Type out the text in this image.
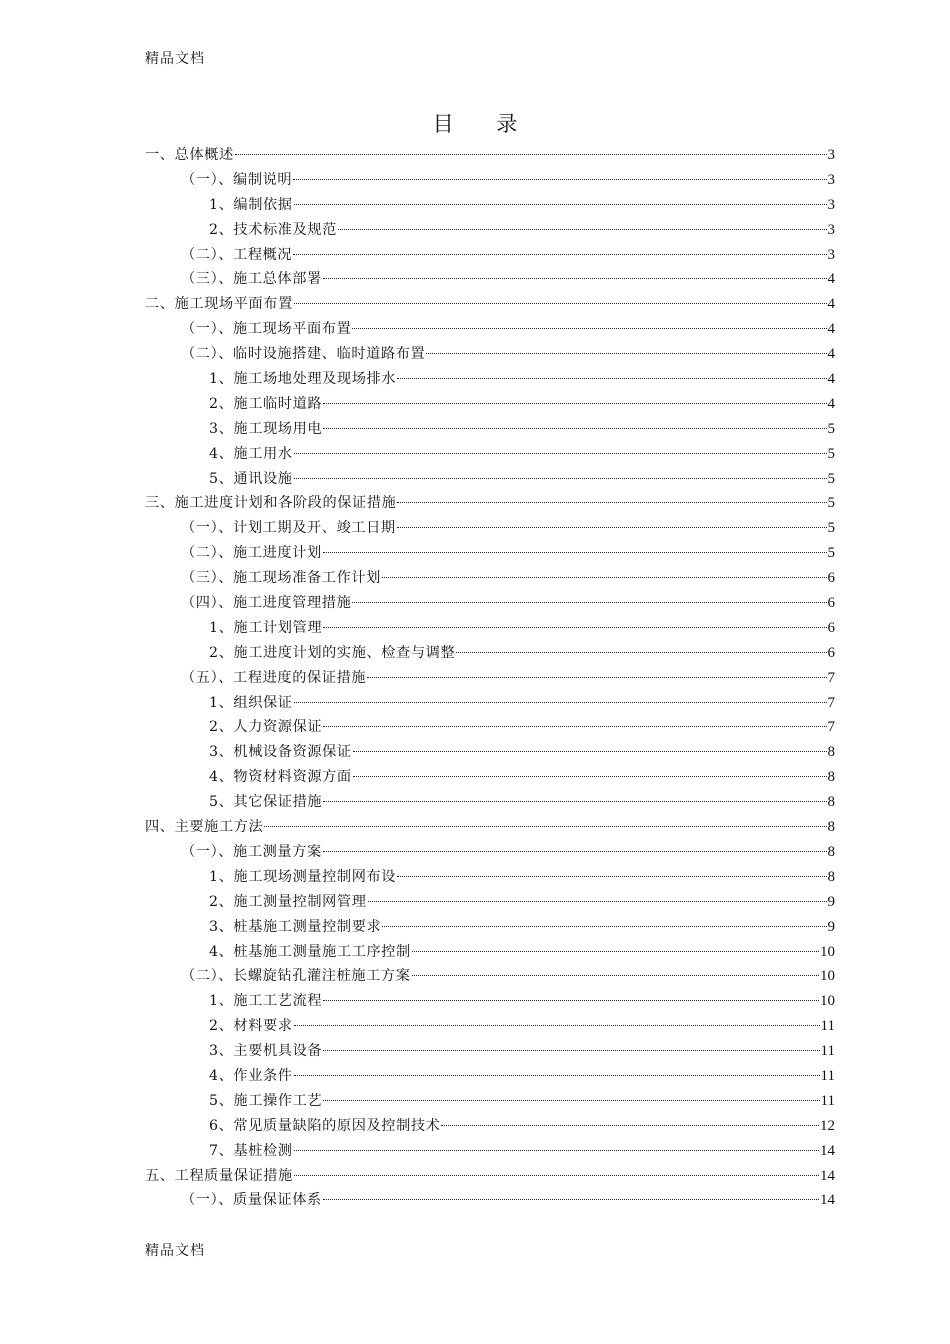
精品文档
目 录
一、总体概述	3
（一）、编制说明	3
1、编制依据	3
2、技术标准及规范	3
（二）、工程概况	3
（三）、施工总体部署	4
二、施工现场平面布置	4
（一）、施工现场平面布置	4
（二）、临时设施搭建、临时道路布置	4
1、施工场地处理及现场排水	4
2、施工临时道路	4
3、施工现场用电	5
4、施工用水	5
5、通讯设施	5
三、施工进度计划和各阶段的保证措施	5
（一）、计划工期及开、竣工日期	5
（二）、施工进度计划	5
（三）、施工现场准备工作计划	6
（四）、施工进度管理措施	6
1、施工计划管理	6
2、施工进度计划的实施、检查与调整	6
（五）、工程进度的保证措施	7
1、组织保证	7
2、人力资源保证	7
3、机械设备资源保证	8
4、物资材料资源方面	8
5、其它保证措施	8
四、主要施工方法	8
（一）、施工测量方案	8
1、施工现场测量控制网布设	8
2、施工测量控制网管理	9
3、桩基施工测量控制要求	9
4、桩基施工测量施工工序控制	10
（二）、长螺旋钻孔灌注桩施工方案	10
1、施工工艺流程	10
2、材料要求	11
3、主要机具设备	11
4、作业条件	11
5、施工操作工艺	11
6、常见质量缺陷的原因及控制技术	12
7、基桩检测	14
五、工程质量保证措施	14
（一）、质量保证体系	14
精品文档
